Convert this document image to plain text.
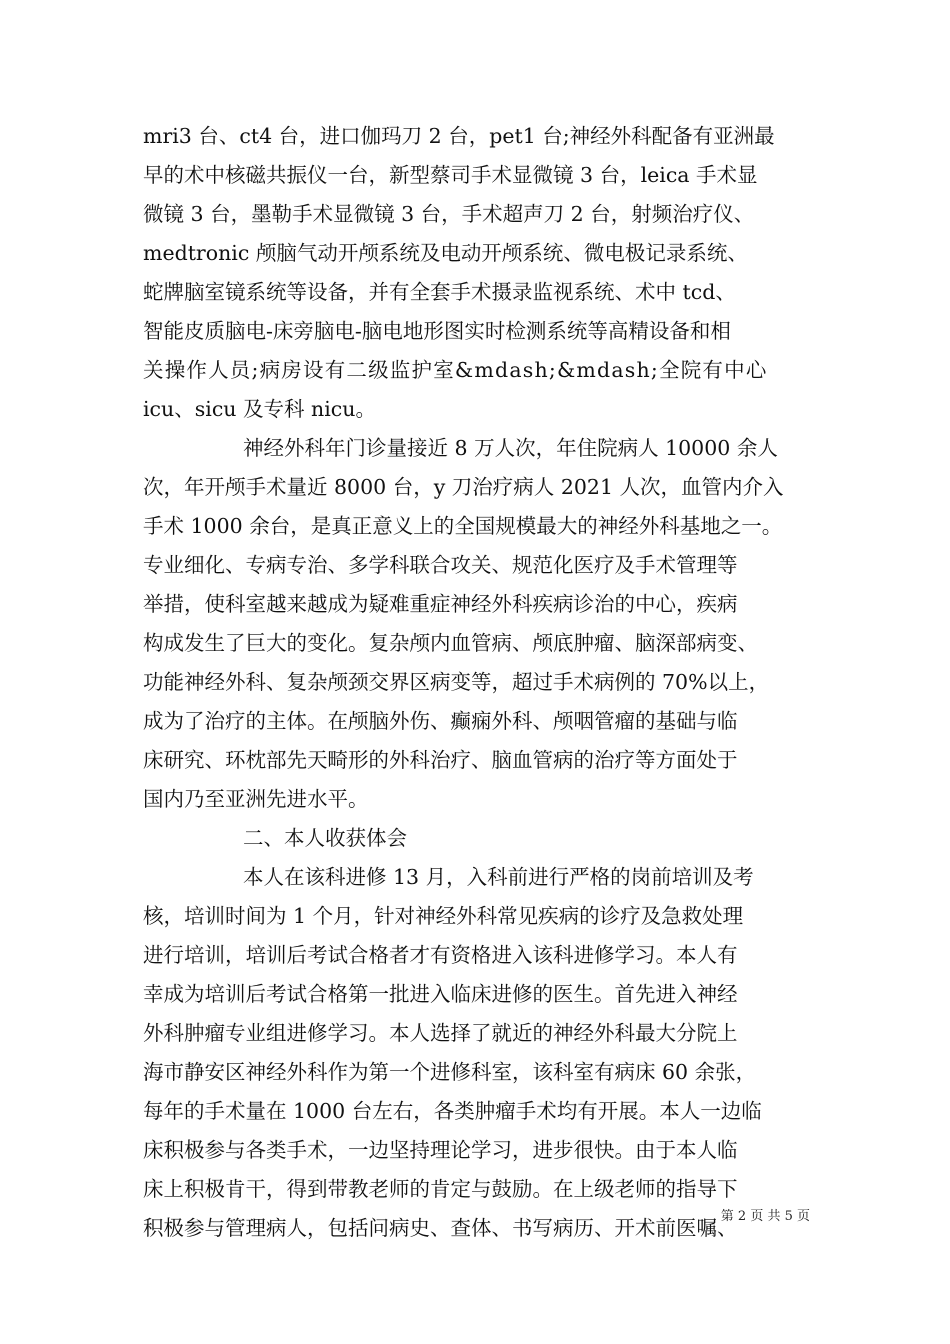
mri3 台、ct4 台，进口伽玛刀 2 台，pet1 台;神经外科配备有亚洲最
早的术中核磁共振仪一台，新型蔡司手术显微镜 3 台，leica 手术显
微镜 3 台，墨勒手术显微镜 3 台，手术超声刀 2 台，射频治疗仪、
medtronic 颅脑气动开颅系统及电动开颅系统、微电极记录系统、
蛇牌脑室镜系统等设备，并有全套手术摄录监视系统、术中 tcd、
智能皮质脑电-床旁脑电-脑电地形图实时检测系统等高精设备和相
关操作人员;病房设有二级监护室&mdash;&mdash;全院有中心
icu、sicu 及专科 nicu。
神经外科年门诊量接近 8 万人次，年住院病人 10000 余人
次，年开颅手术量近 8000 台，y 刀治疗病人 2021 人次，血管内介入
手术 1000 余台，是真正意义上的全国规模最大的神经外科基地之一。
专业细化、专病专治、多学科联合攻关、规范化医疗及手术管理等
举措，使科室越来越成为疑难重症神经外科疾病诊治的中心，疾病
构成发生了巨大的变化。复杂颅内血管病、颅底肿瘤、脑深部病变、
功能神经外科、复杂颅颈交界区病变等，超过手术病例的 70%以上，
成为了治疗的主体。在颅脑外伤、癫痫外科、颅咽管瘤的基础与临
床研究、环枕部先天畸形的外科治疗、脑血管病的治疗等方面处于
国内乃至亚洲先进水平。
二、本人收获体会
本人在该科进修 13 月，入科前进行严格的岗前培训及考
核，培训时间为 1 个月，针对神经外科常见疾病的诊疗及急救处理
进行培训，培训后考试合格者才有资格进入该科进修学习。本人有
幸成为培训后考试合格第一批进入临床进修的医生。首先进入神经
外科肿瘤专业组进修学习。本人选择了就近的神经外科最大分院上
海市静安区神经外科作为第一个进修科室，该科室有病床 60 余张，
每年的手术量在 1000 台左右，各类肿瘤手术均有开展。本人一边临
床积极参与各类手术，一边坚持理论学习，进步很快。由于本人临
床上积极肯干，得到带教老师的肯定与鼓励。在上级老师的指导下
积极参与管理病人，包括问病史、查体、书写病历、开术前医嘱、
第 2 页 共 5 页
